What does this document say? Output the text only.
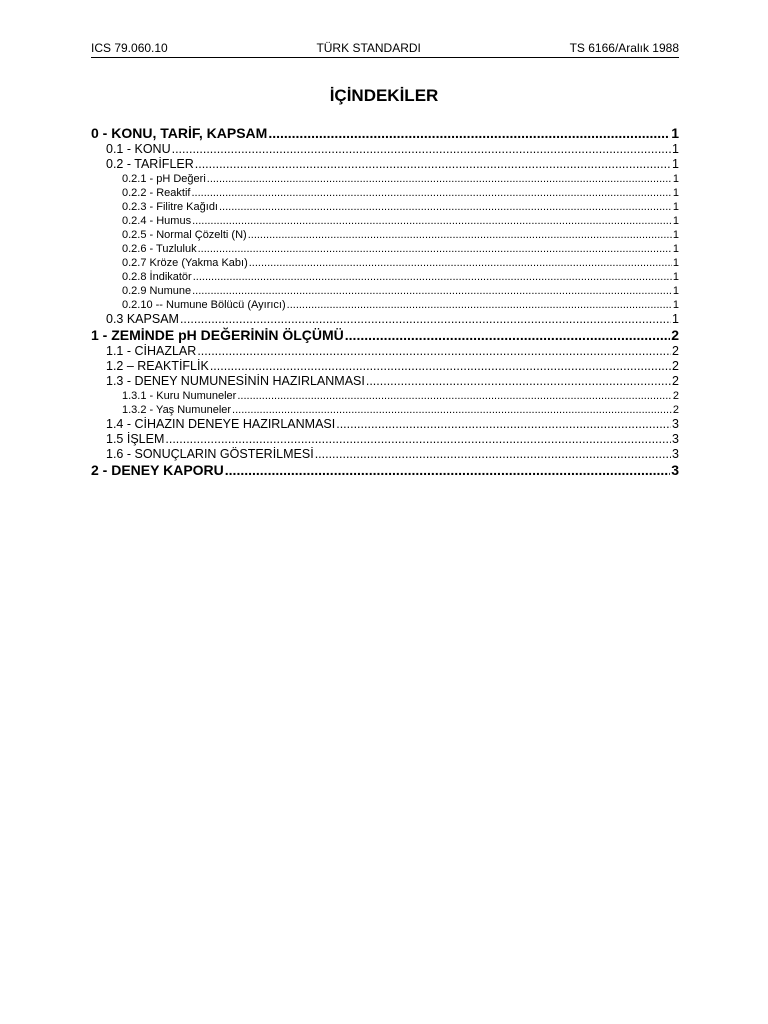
ICS 79.060.10	TÜRK STANDARDI	TS 6166/Aralık 1988
İÇİNDEKİLER
0 - KONU, TARİF, KAPSAM .....	1
0.1 - KONU .....	1
0.2 - TARİFLER .....	1
0.2.1 - pH Değeri .....	1
0.2.2 - Reaktif .....	1
0.2.3 - Filitre Kağıdı .....	1
0.2.4 - Humus .....	1
0.2.5 - Normal Çözelti (N) .....	1
0.2.6 - Tuzluluk .....	1
0.2.7 Kröze (Yakma Kabı) .....	1
0.2.8 İndikatör .....	1
0.2.9 Numune .....	1
0.2.10 -- Numune Bölücü (Ayırıcı) .....	1
0.3 KAPSAM .....	1
1 - ZEMİNDE pH DEĞERİNİN ÖLÇÜMÜ .....	2
1.1 - CİHAZLAR .....	2
1.2 – REAKTİFLİK .....	2
1.3 - DENEY NUMUNESİNİN HAZIRLANMASI .....	2
1.3.1 - Kuru Numuneler .....	2
1.3.2 - Yaş Numuneler .....	2
1.4 - CİHAZIN DENEYE HAZIRLANMASI .....	3
1.5 İŞLEM .....	3
1.6 - SONUÇLARIN GÖSTERİLMESİ .....	3
2 - DENEY KAPORU .....	3
